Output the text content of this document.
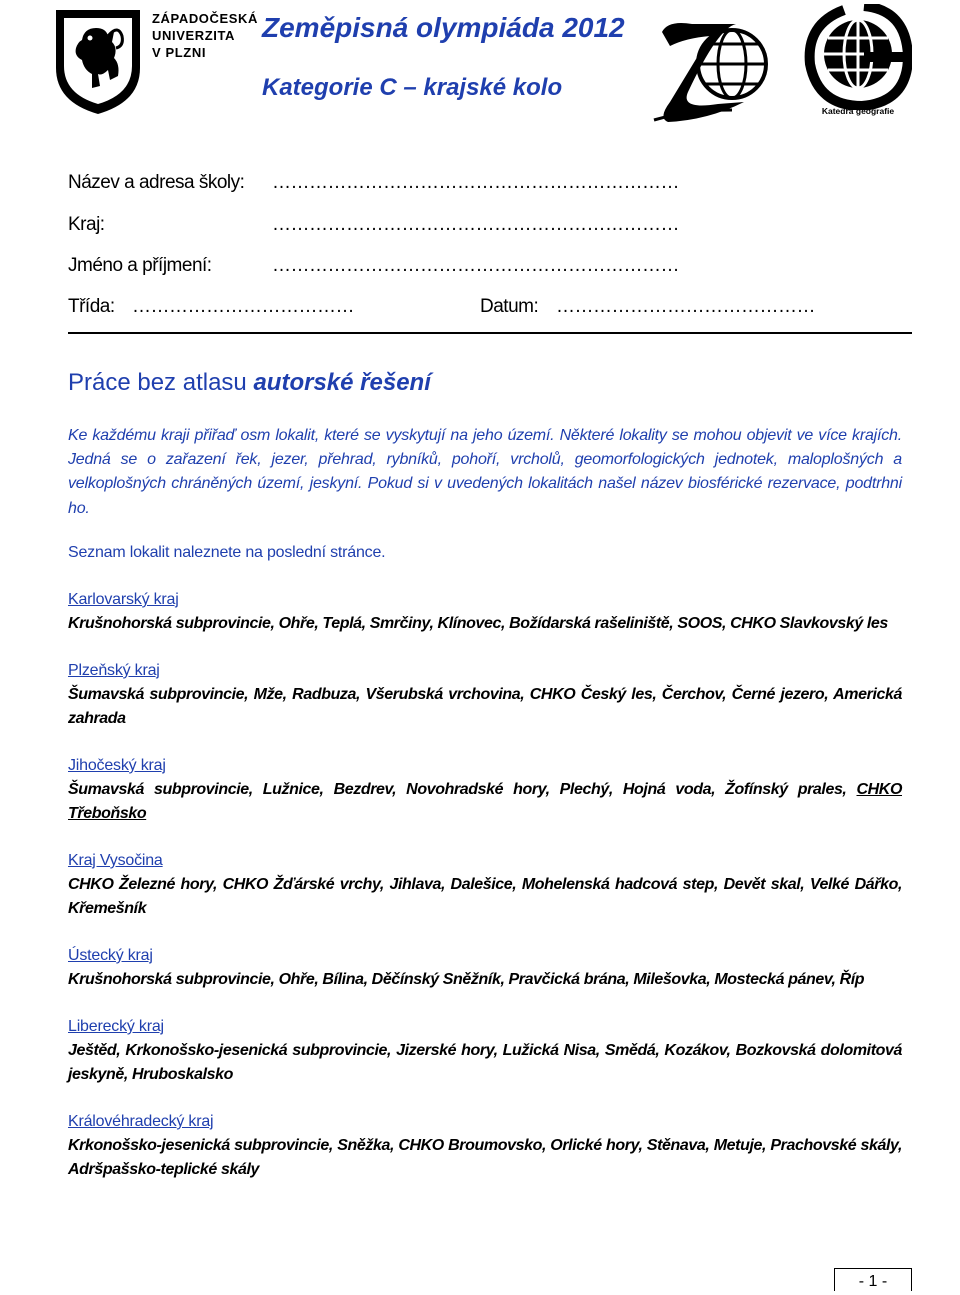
ZÁPADOČESKÁ
UNIVERZITA
V PLZNI
Zeměpisná olympiáda 2012
Kategorie C – krajské kolo
Katedra geografie
Název a adresa školy: …………………………………………………………
Kraj:	…………………………………………………………
Jméno a příjmení:	…………………………………………………………
Třída: ………………………………	Datum: ……………………………………
Práce bez atlasu autorské řešení
Ke každému kraji přiřaď osm lokalit, které se vyskytují na jeho území. Některé lokality se mohou objevit ve více krajích. Jedná se o zařazení řek, jezer, přehrad, rybníků, pohoří, vrcholů, geomorfologických jednotek, maloplošných a velkoplošných chráněných území, jeskyní. Pokud si v uvedených lokalitách našel název biosférické rezervace, podtrhni ho.
Seznam lokalit naleznete na poslední stránce.
Karlovarský kraj
Krušnohorská subprovincie, Ohře, Teplá, Smrčiny, Klínovec, Božídarská rašeliniště, SOOS, CHKO Slavkovský les
Plzeňský kraj
Šumavská subprovincie, Mže, Radbuza, Všerubská vrchovina, CHKO Český les, Čerchov, Černé jezero, Americká zahrada
Jihočeský kraj
Šumavská subprovincie, Lužnice, Bezdrev, Novohradské hory, Plechý, Hojná voda, Žofínský prales, CHKO Třeboňsko
Kraj Vysočina
CHKO Železné hory, CHKO Žďárské vrchy, Jihlava, Dalešice, Mohelenská hadcová step, Devět skal, Velké Dářko, Křemešník
Ústecký kraj
Krušnohorská subprovincie, Ohře, Bílina, Děčínský Sněžník, Pravčická brána, Milešovka, Mostecká pánev, Říp
Liberecký kraj
Ještěd, Krkonošsko-jesenická subprovincie, Jizerské hory, Lužická Nisa, Smědá, Kozákov, Bozkovská dolomitová jeskyně, Hruboskalsko
Královéhradecký kraj
Krkonošsko-jesenická subprovincie, Sněžka, CHKO Broumovsko, Orlické hory, Stěnava, Metuje, Prachovské skály, Adršpašsko-teplické skály
- 1 -
